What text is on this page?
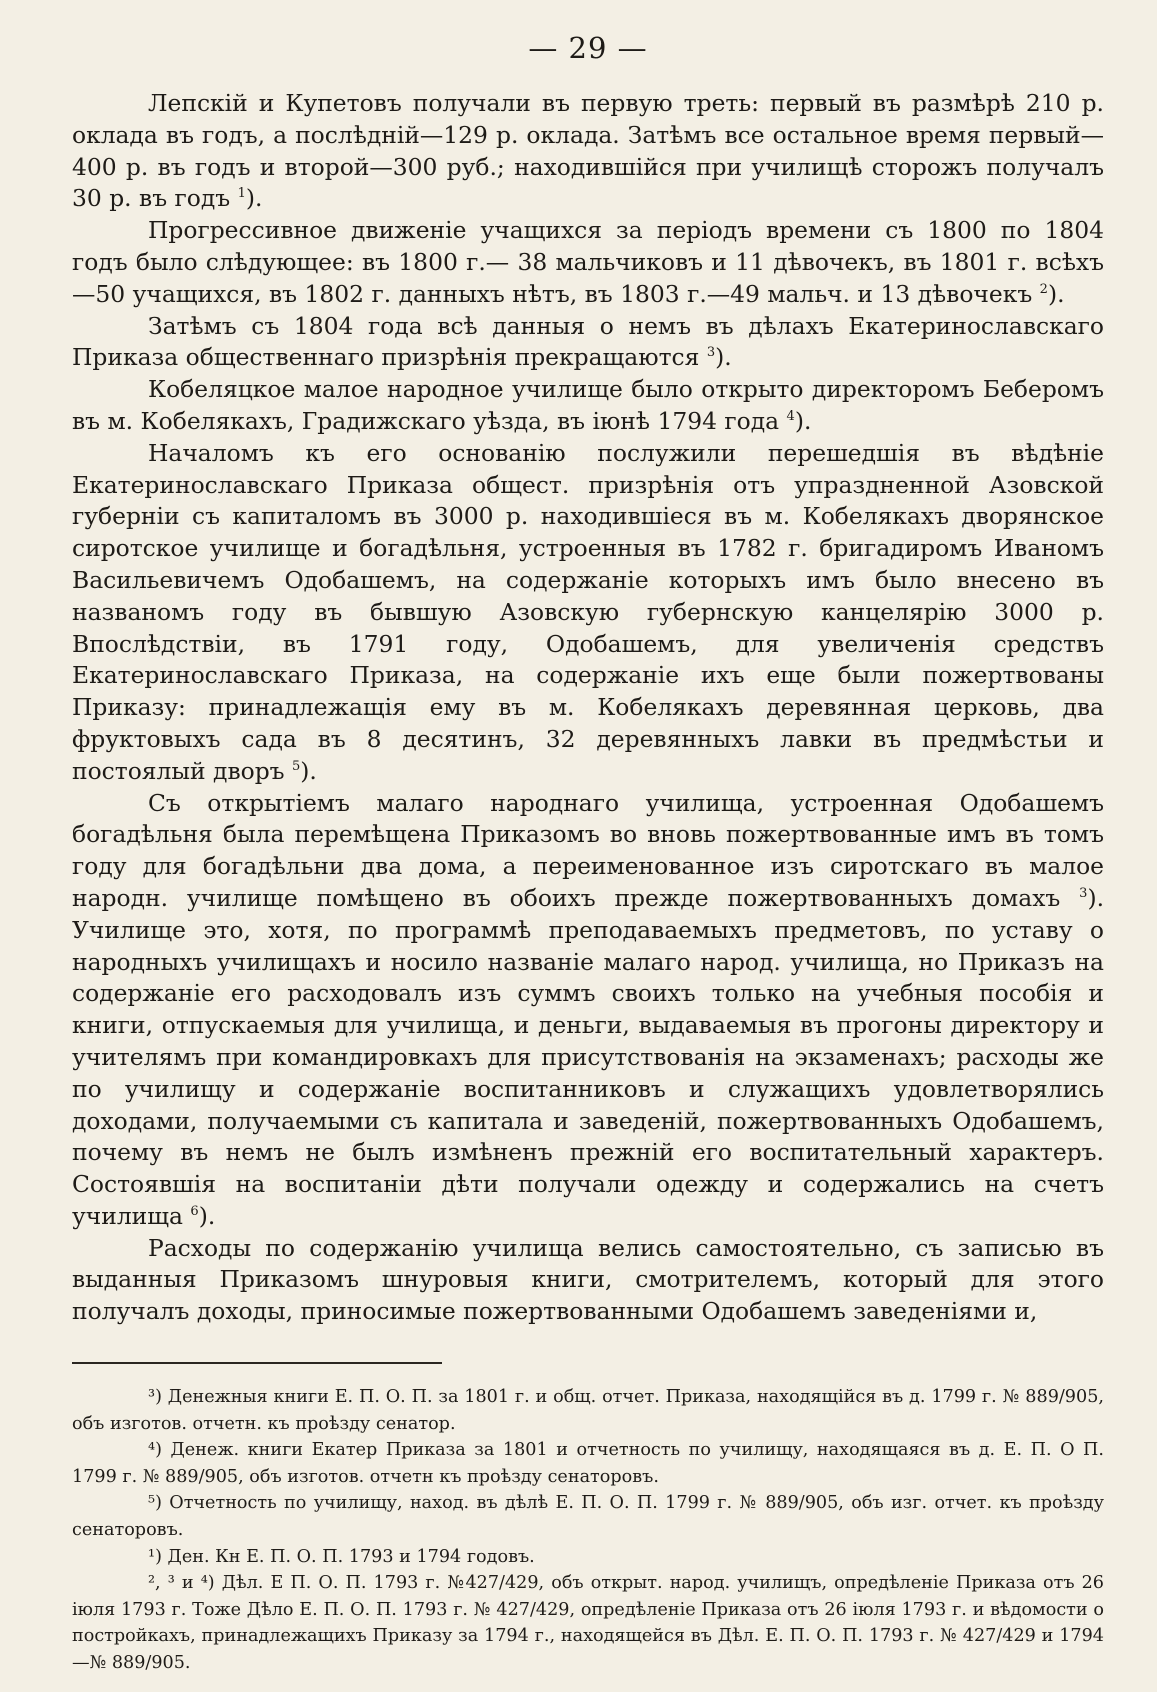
— 29 —

Лепскій и Купетовъ получали въ первую треть: первый въ размѣрѣ 210 р. оклада въ годъ, а послѣдній—129 р. оклада. Затѣмъ все остальное время первый—400 р. въ годъ и второй—300 руб.; находившійся при училищѣ сторожъ получалъ 30 р. въ годъ $^1$).

Прогрессивное движеніе учащихся за періодъ времени съ 1800 по 1804 годъ было слѣдующее: въ 1800 г.— 38 мальчиковъ и 11 дѣвочекъ, въ 1801 г. всѣхъ—50 учащихся, въ 1802 г. данныхъ нѣтъ, въ 1803 г.—49 мальч. и 13 дѣвочекъ $^2$).

Затѣмъ съ 1804 года всѣ данныя о немъ въ дѣлахъ Екатеринославскаго Приказа общественнаго призрѣнія прекращаются $^3$).

Кобеляцкое малое народное училище было открыто директоромъ Беберомъ въ м. Кобелякахъ, Градижскаго уѣзда, въ іюнѣ 1794 года $^4$).

Началомъ къ его основанію послужили перешедшія въ вѣдѣніе Екатеринославскаго Приказа общест. призрѣнія отъ упраздненной Азовской губерніи съ капиталомъ въ 3000 р. находившіеся въ м. Кобелякахъ дворянское сиротское училище и богадѣльня, устроенныя въ 1782 г. бригадиромъ Иваномъ Васильевичемъ Одобашемъ, на содержаніе которыхъ имъ было внесено въ названомъ году въ бывшую Азовскую губернскую канцелярію 3000 р. Впослѣдствіи, въ 1791 году, Одобашемъ, для увеличенія средствъ Екатеринославскаго Приказа, на содержаніе ихъ еще были пожертвованы Приказу: принадлежащія ему въ м. Кобелякахъ деревянная церковь, два фруктовыхъ сада въ 8 десятинъ, 32 деревянныхъ лавки въ предмѣстьи и постоялый дворъ $^5$).

Съ открытіемъ малаго народнаго училища, устроенная Одобашемъ богадѣльня была перемѣщена Приказомъ во вновь пожертвованные имъ въ томъ году для богадѣльни два дома, а переименованное изъ сиротскаго въ малое народн. училище помѣщено въ обоихъ прежде пожертвованныхъ домахъ $^3$). Училище это, хотя, по программѣ преподаваемыхъ предметовъ, по уставу о народныхъ училищахъ и носило названіе малаго народ. училища, но Приказъ на содержаніе его расходовалъ изъ суммъ своихъ только на учебныя пособія и книги, отпускаемыя для училища, и деньги, выдаваемыя въ прогоны директору и учителямъ при командировкахъ для присутствованія на экзаменахъ; расходы же по училищу и содержаніе воспитанниковъ и служащихъ удовлетворялись доходами, получаемыми съ капитала и заведеній, пожертвованныхъ Одобашемъ, почему въ немъ не былъ измѣненъ прежній его воспитательный характеръ. Состоявшія на воспитаніи дѣти получали одежду и содержались на счетъ училища $^6$).

Расходы по содержанію училища велись самостоятельно, съ записью въ выданныя Приказомъ шнуровыя книги, смотрителемъ, который для этого получалъ доходы, приносимые пожертвованными Одобашемъ заведеніями и,

³) Денежныя книги Е. П. О. П. за 1801 г. и общ. отчет. Приказа, находящійся въ д. 1799 г. № 889/905, объ изготов. отчетн. къ проѣзду сенатор.

⁴) Денеж. книги Екатер Приказа за 1801 и отчетность по училищу, находящаяся въ д. Е. П. О П. 1799 г. № 889/905, объ изготов. отчетн къ проѣзду сенаторовъ.

⁵) Отчетность по училищу, наход. въ дѣлѣ Е. П. О. П. 1799 г. № 889/905, объ изг. отчет. къ проѣзду сенаторовъ.

¹) Ден. Кн Е. П. О. П. 1793 и 1794 годовъ.

², ³ и ⁴) Дѣл. Е П. О. П. 1793 г. №427/429, объ открыт. народ. училищъ, опредѣленіе Приказа отъ 26 іюля 1793 г. Тоже Дѣло Е. П. О. П. 1793 г. № 427/429, опредѣленіе Приказа отъ 26 іюля 1793 г. и вѣдомости о постройкахъ, принадлежащихъ Приказу за 1794 г., находящейся въ Дѣл. Е. П. О. П. 1793 г. № 427/429 и 1794—№ 889/905.
